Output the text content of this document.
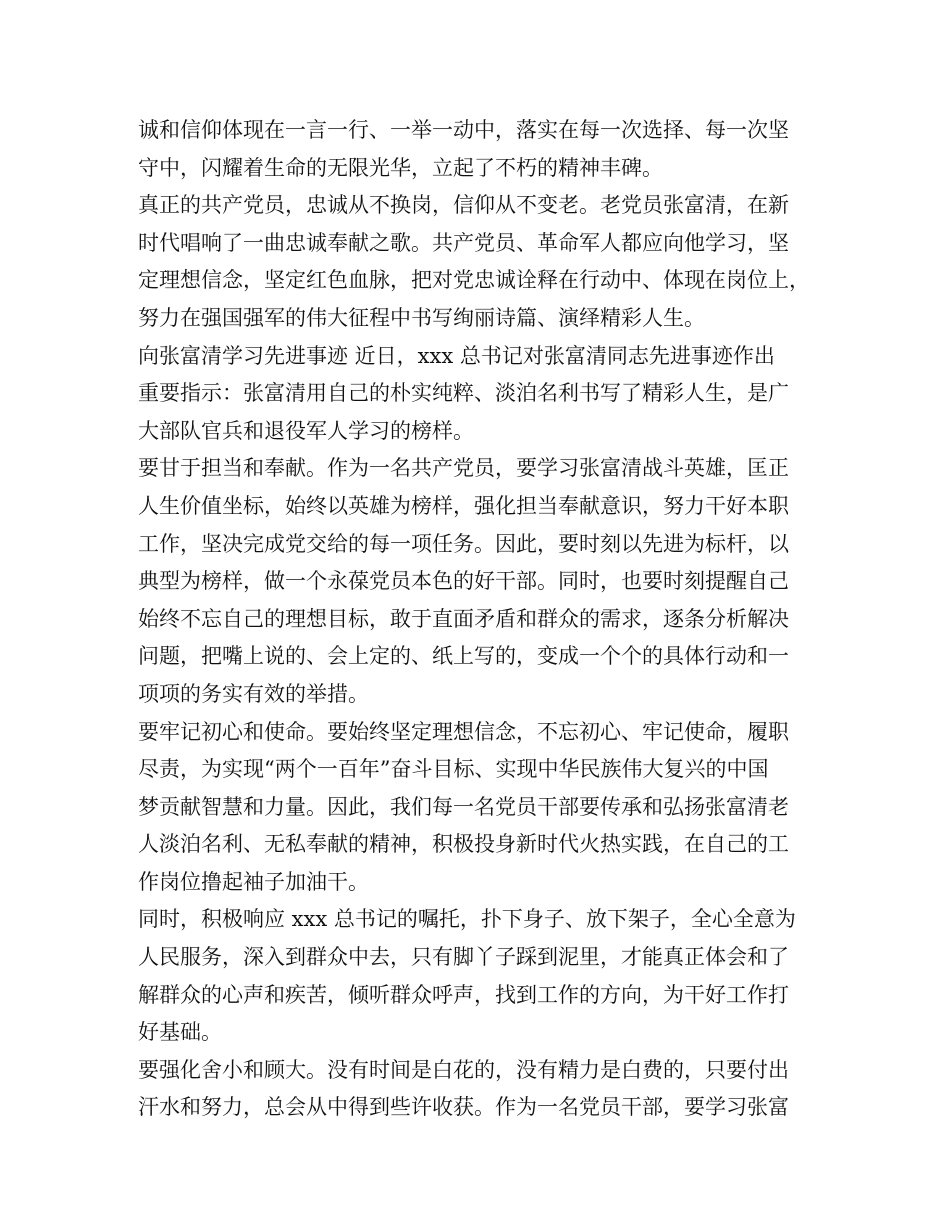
诚和信仰体现在一言一行、一举一动中，落实在每一次选择、每一次坚
守中，闪耀着生命的无限光华，立起了不朽的精神丰碑。
真正的共产党员，忠诚从不换岗，信仰从不变老。老党员张富清，在新
时代唱响了一曲忠诚奉献之歌。共产党员、革命军人都应向他学习，坚
定理想信念，坚定红色血脉，把对党忠诚诠释在行动中、体现在岗位上，
努力在强国强军的伟大征程中书写绚丽诗篇、演绎精彩人生。
向张富清学习先进事迹 近日，xxx 总书记对张富清同志先进事迹作出
重要指示：张富清用自己的朴实纯粹、淡泊名利书写了精彩人生，是广
大部队官兵和退役军人学习的榜样。
要甘于担当和奉献。作为一名共产党员，要学习张富清战斗英雄，匡正
人生价值坐标，始终以英雄为榜样，强化担当奉献意识，努力干好本职
工作，坚决完成党交给的每一项任务。因此，要时刻以先进为标杆，以
典型为榜样，做一个永葆党员本色的好干部。同时，也要时刻提醒自己
始终不忘自己的理想目标，敢于直面矛盾和群众的需求，逐条分析解决
问题，把嘴上说的、会上定的、纸上写的，变成一个个的具体行动和一
项项的务实有效的举措。
要牢记初心和使命。要始终坚定理想信念，不忘初心、牢记使命，履职
尽责，为实现“两个一百年”奋斗目标、实现中华民族伟大复兴的中国
梦贡献智慧和力量。因此，我们每一名党员干部要传承和弘扬张富清老
人淡泊名利、无私奉献的精神，积极投身新时代火热实践，在自己的工
作岗位撸起袖子加油干。
同时，积极响应 xxx 总书记的嘱托，扑下身子、放下架子，全心全意为
人民服务，深入到群众中去，只有脚丫子踩到泥里，才能真正体会和了
解群众的心声和疾苦，倾听群众呼声，找到工作的方向，为干好工作打
好基础。
要强化舍小和顾大。没有时间是白花的，没有精力是白费的，只要付出
汗水和努力，总会从中得到些许收获。作为一名党员干部，要学习张富
